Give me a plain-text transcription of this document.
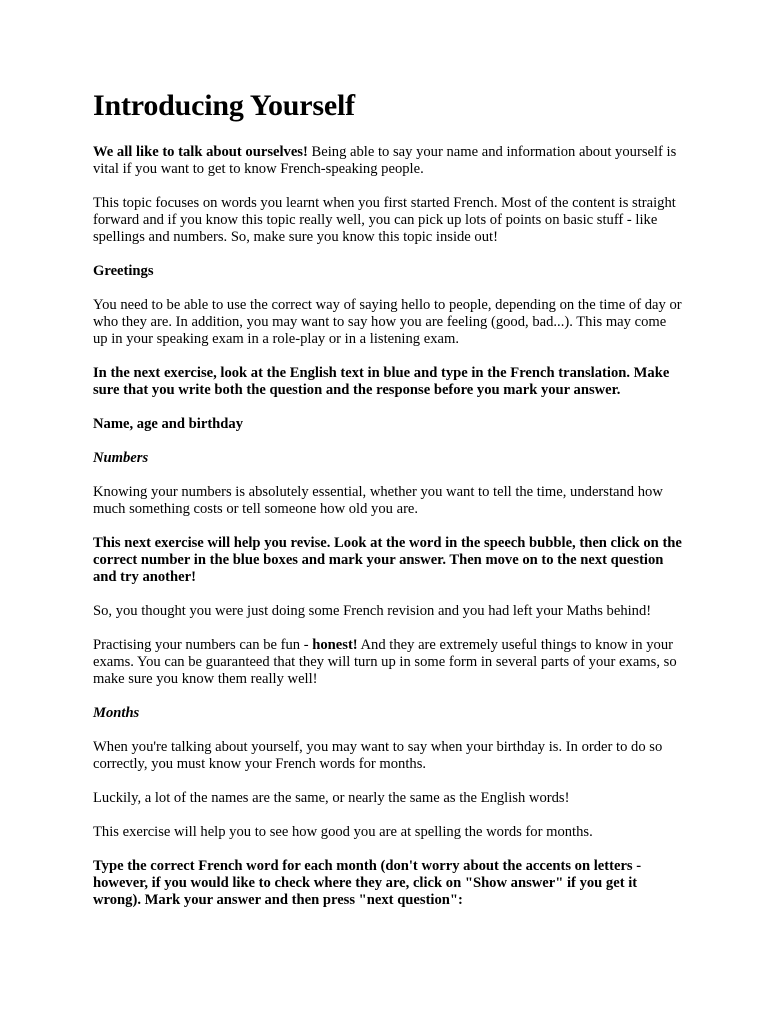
Introducing Yourself

We all like to talk about ourselves! Being able to say your name and information about yourself is vital if you want to get to know French-speaking people.

This topic focuses on words you learnt when you first started French. Most of the content is straight forward and if you know this topic really well, you can pick up lots of points on basic stuff - like spellings and numbers. So, make sure you know this topic inside out!

Greetings

You need to be able to use the correct way of saying hello to people, depending on the time of day or who they are. In addition, you may want to say how you are feeling (good, bad...). This may come up in your speaking exam in a role-play or in a listening exam.

In the next exercise, look at the English text in blue and type in the French translation. Make sure that you write both the question and the response before you mark your answer.

Name, age and birthday

Numbers

Knowing your numbers is absolutely essential, whether you want to tell the time, understand how much something costs or tell someone how old you are.

This next exercise will help you revise. Look at the word in the speech bubble, then click on the correct number in the blue boxes and mark your answer. Then move on to the next question and try another!

So, you thought you were just doing some French revision and you had left your Maths behind!

Practising your numbers can be fun - honest! And they are extremely useful things to know in your exams. You can be guaranteed that they will turn up in some form in several parts of your exams, so make sure you know them really well!

Months

When you're talking about yourself, you may want to say when your birthday is. In order to do so correctly, you must know your French words for months.

Luckily, a lot of the names are the same, or nearly the same as the English words!

This exercise will help you to see how good you are at spelling the words for months.

Type the correct French word for each month (don't worry about the accents on letters - however, if you would like to check where they are, click on "Show answer" if you get it wrong). Mark your answer and then press "next question":
